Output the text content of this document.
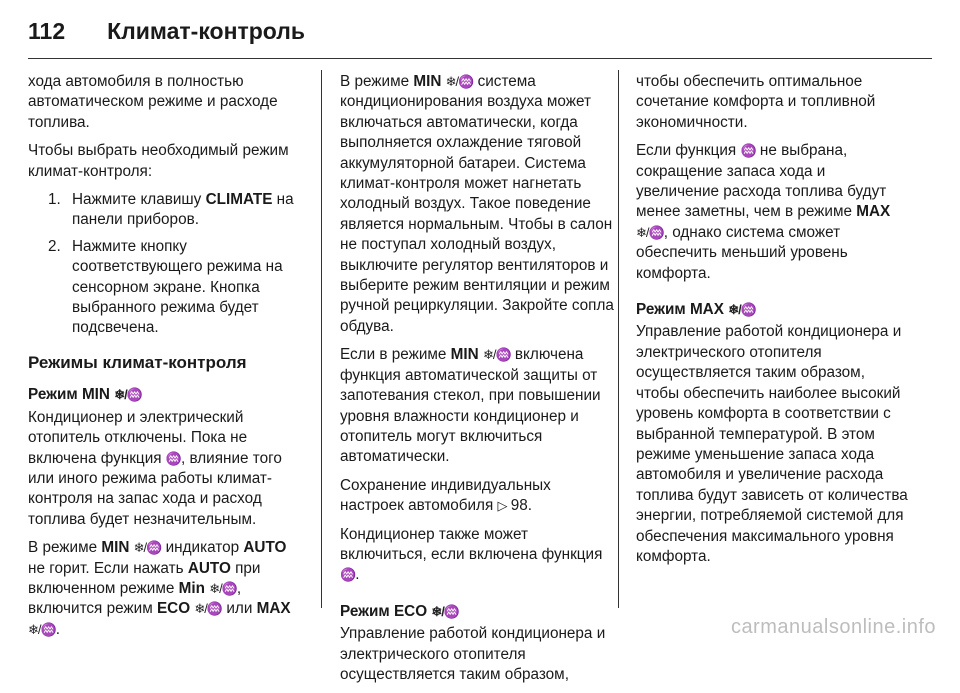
112 Климат-контроль

хода автомобиля в полностью автоматическом режиме и расходе топлива.

Чтобы выбрать необходимый режим климат-контроля:

1. Нажмите клавишу CLIMATE на панели приборов.
2. Нажмите кнопку соответствующего режима на сенсорном экране. Кнопка выбранного режима будет подсвечена.
Режимы климат-контроля
Режим MIN ❄/♒

Кондиционер и электрический отопитель отключены. Пока не включена функция ♒, влияние того или иного режима работы климат-контроля на запас хода и расход топлива будет незначительным.

В режиме MIN ❄/♒ индикатор AUTO не горит. Если нажать AUTO при включенном режиме Min ❄/♒, включится режим ECO ❄/♒ или MAX ❄/♒.

В режиме MIN ❄/♒ система кондиционирования воздуха может включаться автоматически, когда выполняется охлаждение тяговой аккумуляторной батареи. Система климат-контроля может нагнетать холодный воздух. Такое поведение является нормальным. Чтобы в салон не поступал холодный воздух, выключите регулятор вентиляторов и выберите режим вентиляции и режим ручной рециркуляции. Закройте сопла обдува.

Если в режиме MIN ❄/♒ включена функция автоматической защиты от запотевания стекол, при повышении уровня влажности кондиционер и отопитель могут включиться автоматически.

Сохранение индивидуальных настроек автомобиля ▷ 98.

Кондиционер также может включиться, если включена функция ♒.

Режим ECO ❄/♒

Управление работой кондиционера и электрического отопителя осуществляется таким образом,

чтобы обеспечить оптимальное сочетание комфорта и топливной экономичности.

Если функция ♒ не выбрана, сокращение запаса хода и увеличение расхода топлива будут менее заметны, чем в режиме MAX ❄/♒, однако система сможет обеспечить меньший уровень комфорта.

Режим MAX ❄/♒

Управление работой кондиционера и электрического отопителя осуществляется таким образом, чтобы обеспечить наиболее высокий уровень комфорта в соответствии с выбранной температурой. В этом режиме уменьшение запаса хода автомобиля и увеличение расхода топлива будут зависеть от количества энергии, потребляемой системой для обеспечения максимального уровня комфорта.

carmanualsonline.info
